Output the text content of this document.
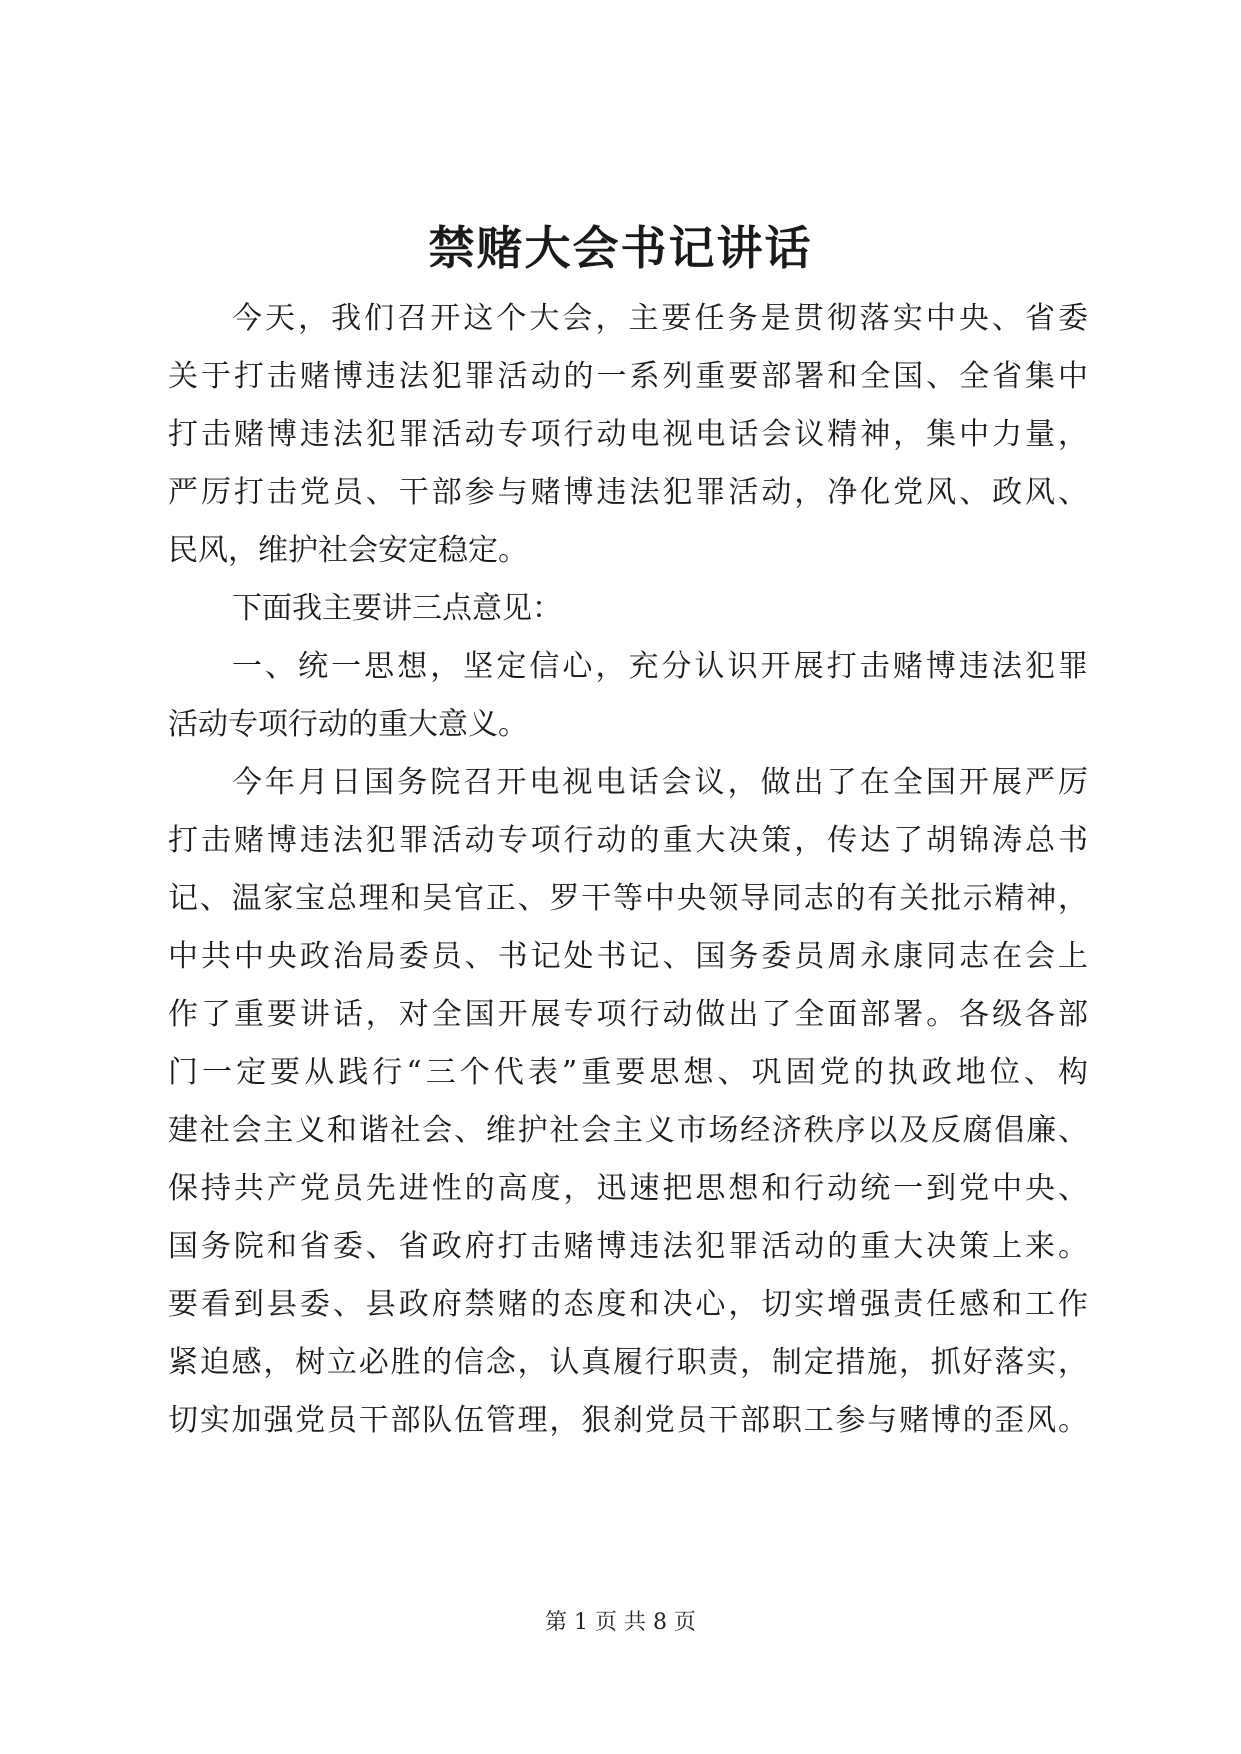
禁赌大会书记讲话
今天，我们召开这个大会，主要任务是贯彻落实中央、省委
关于打击赌博违法犯罪活动的一系列重要部署和全国、全省集中
打击赌博违法犯罪活动专项行动电视电话会议精神，集中力量，
严厉打击党员、干部参与赌博违法犯罪活动，净化党风、政风、
民风，维护社会安定稳定。
下面我主要讲三点意见：
一、统一思想，坚定信心，充分认识开展打击赌博违法犯罪
活动专项行动的重大意义。
今年月日国务院召开电视电话会议，做出了在全国开展严厉
打击赌博违法犯罪活动专项行动的重大决策，传达了胡锦涛总书
记、温家宝总理和吴官正、罗干等中央领导同志的有关批示精神，
中共中央政治局委员、书记处书记、国务委员周永康同志在会上
作了重要讲话，对全国开展专项行动做出了全面部署。各级各部
门一定要从践行“三个代表”重要思想、巩固党的执政地位、构
建社会主义和谐社会、维护社会主义市场经济秩序以及反腐倡廉、
保持共产党员先进性的高度，迅速把思想和行动统一到党中央、
国务院和省委、省政府打击赌博违法犯罪活动的重大决策上来。
要看到县委、县政府禁赌的态度和决心，切实增强责任感和工作
紧迫感，树立必胜的信念，认真履行职责，制定措施，抓好落实，
切实加强党员干部队伍管理，狠刹党员干部职工参与赌博的歪风。
第 1 页 共 8 页
